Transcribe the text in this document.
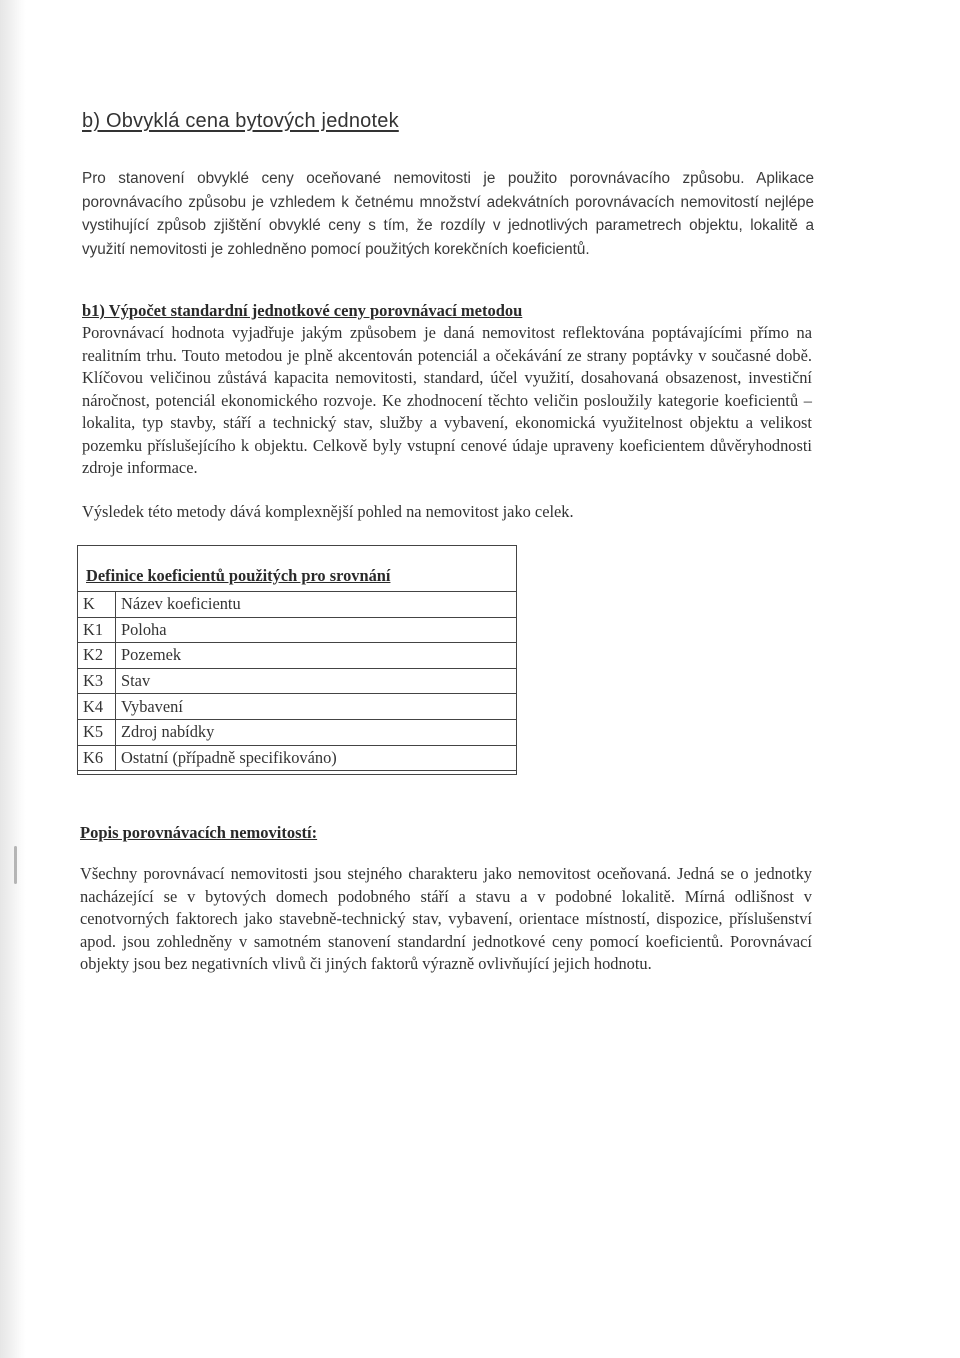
b) Obvyklá cena bytových jednotek

Pro stanovení obvyklé ceny oceňované nemovitosti je použito porovnávacího způsobu. Aplikace porovnávacího způsobu je vzhledem k četnému množství adekvátních porovnávacích nemovitostí nejlépe vystihující způsob zjištění obvyklé ceny s tím, že rozdíly v jednotlivých parametrech objektu, lokalitě a využití nemovitosti je zohledněno pomocí použitých korekčních koeficientů.

b1) Výpočet standardní jednotkové ceny porovnávací metodou

Porovnávací hodnota vyjadřuje jakým způsobem je daná nemovitost reflektována poptávajícími přímo na realitním trhu. Touto metodou je plně akcentován potenciál a očekávání ze strany poptávky v současné době. Klíčovou veličinou zůstává kapacita nemovitosti, standard, účel využití, dosahovaná obsazenost, investiční náročnost, potenciál ekonomického rozvoje. Ke zhodnocení těchto veličin posloužily kategorie koeficientů – lokalita, typ stavby, stáří a technický stav, služby a vybavení, ekonomická využitelnost objektu a velikost pozemku příslušejícího k objektu. Celkově byly vstupní cenové údaje upraveny koeficientem důvěryhodnosti zdroje informace.

Výsledek této metody dává komplexnější pohled na nemovitost jako celek.

Definice koeficientů použitých pro srovnání
K	Název koeficientu
K1	Poloha
K2	Pozemek
K3	Stav
K4	Vybavení
K5	Zdroj nabídky
K6	Ostatní (případně specifikováno)
Popis porovnávacích nemovitostí:

Všechny porovnávací nemovitosti jsou stejného charakteru jako nemovitost oceňovaná. Jedná se o jednotky nacházející se v bytových domech podobného stáří a stavu a v podobné lokalitě. Mírná odlišnost v cenotvorných faktorech jako stavebně-technický stav, vybavení, orientace místností, dispozice, příslušenství apod. jsou zohledněny v samotném stanovení standardní jednotkové ceny pomocí koeficientů. Porovnávací objekty jsou bez negativních vlivů či jiných faktorů výrazně ovlivňující jejich hodnotu.
